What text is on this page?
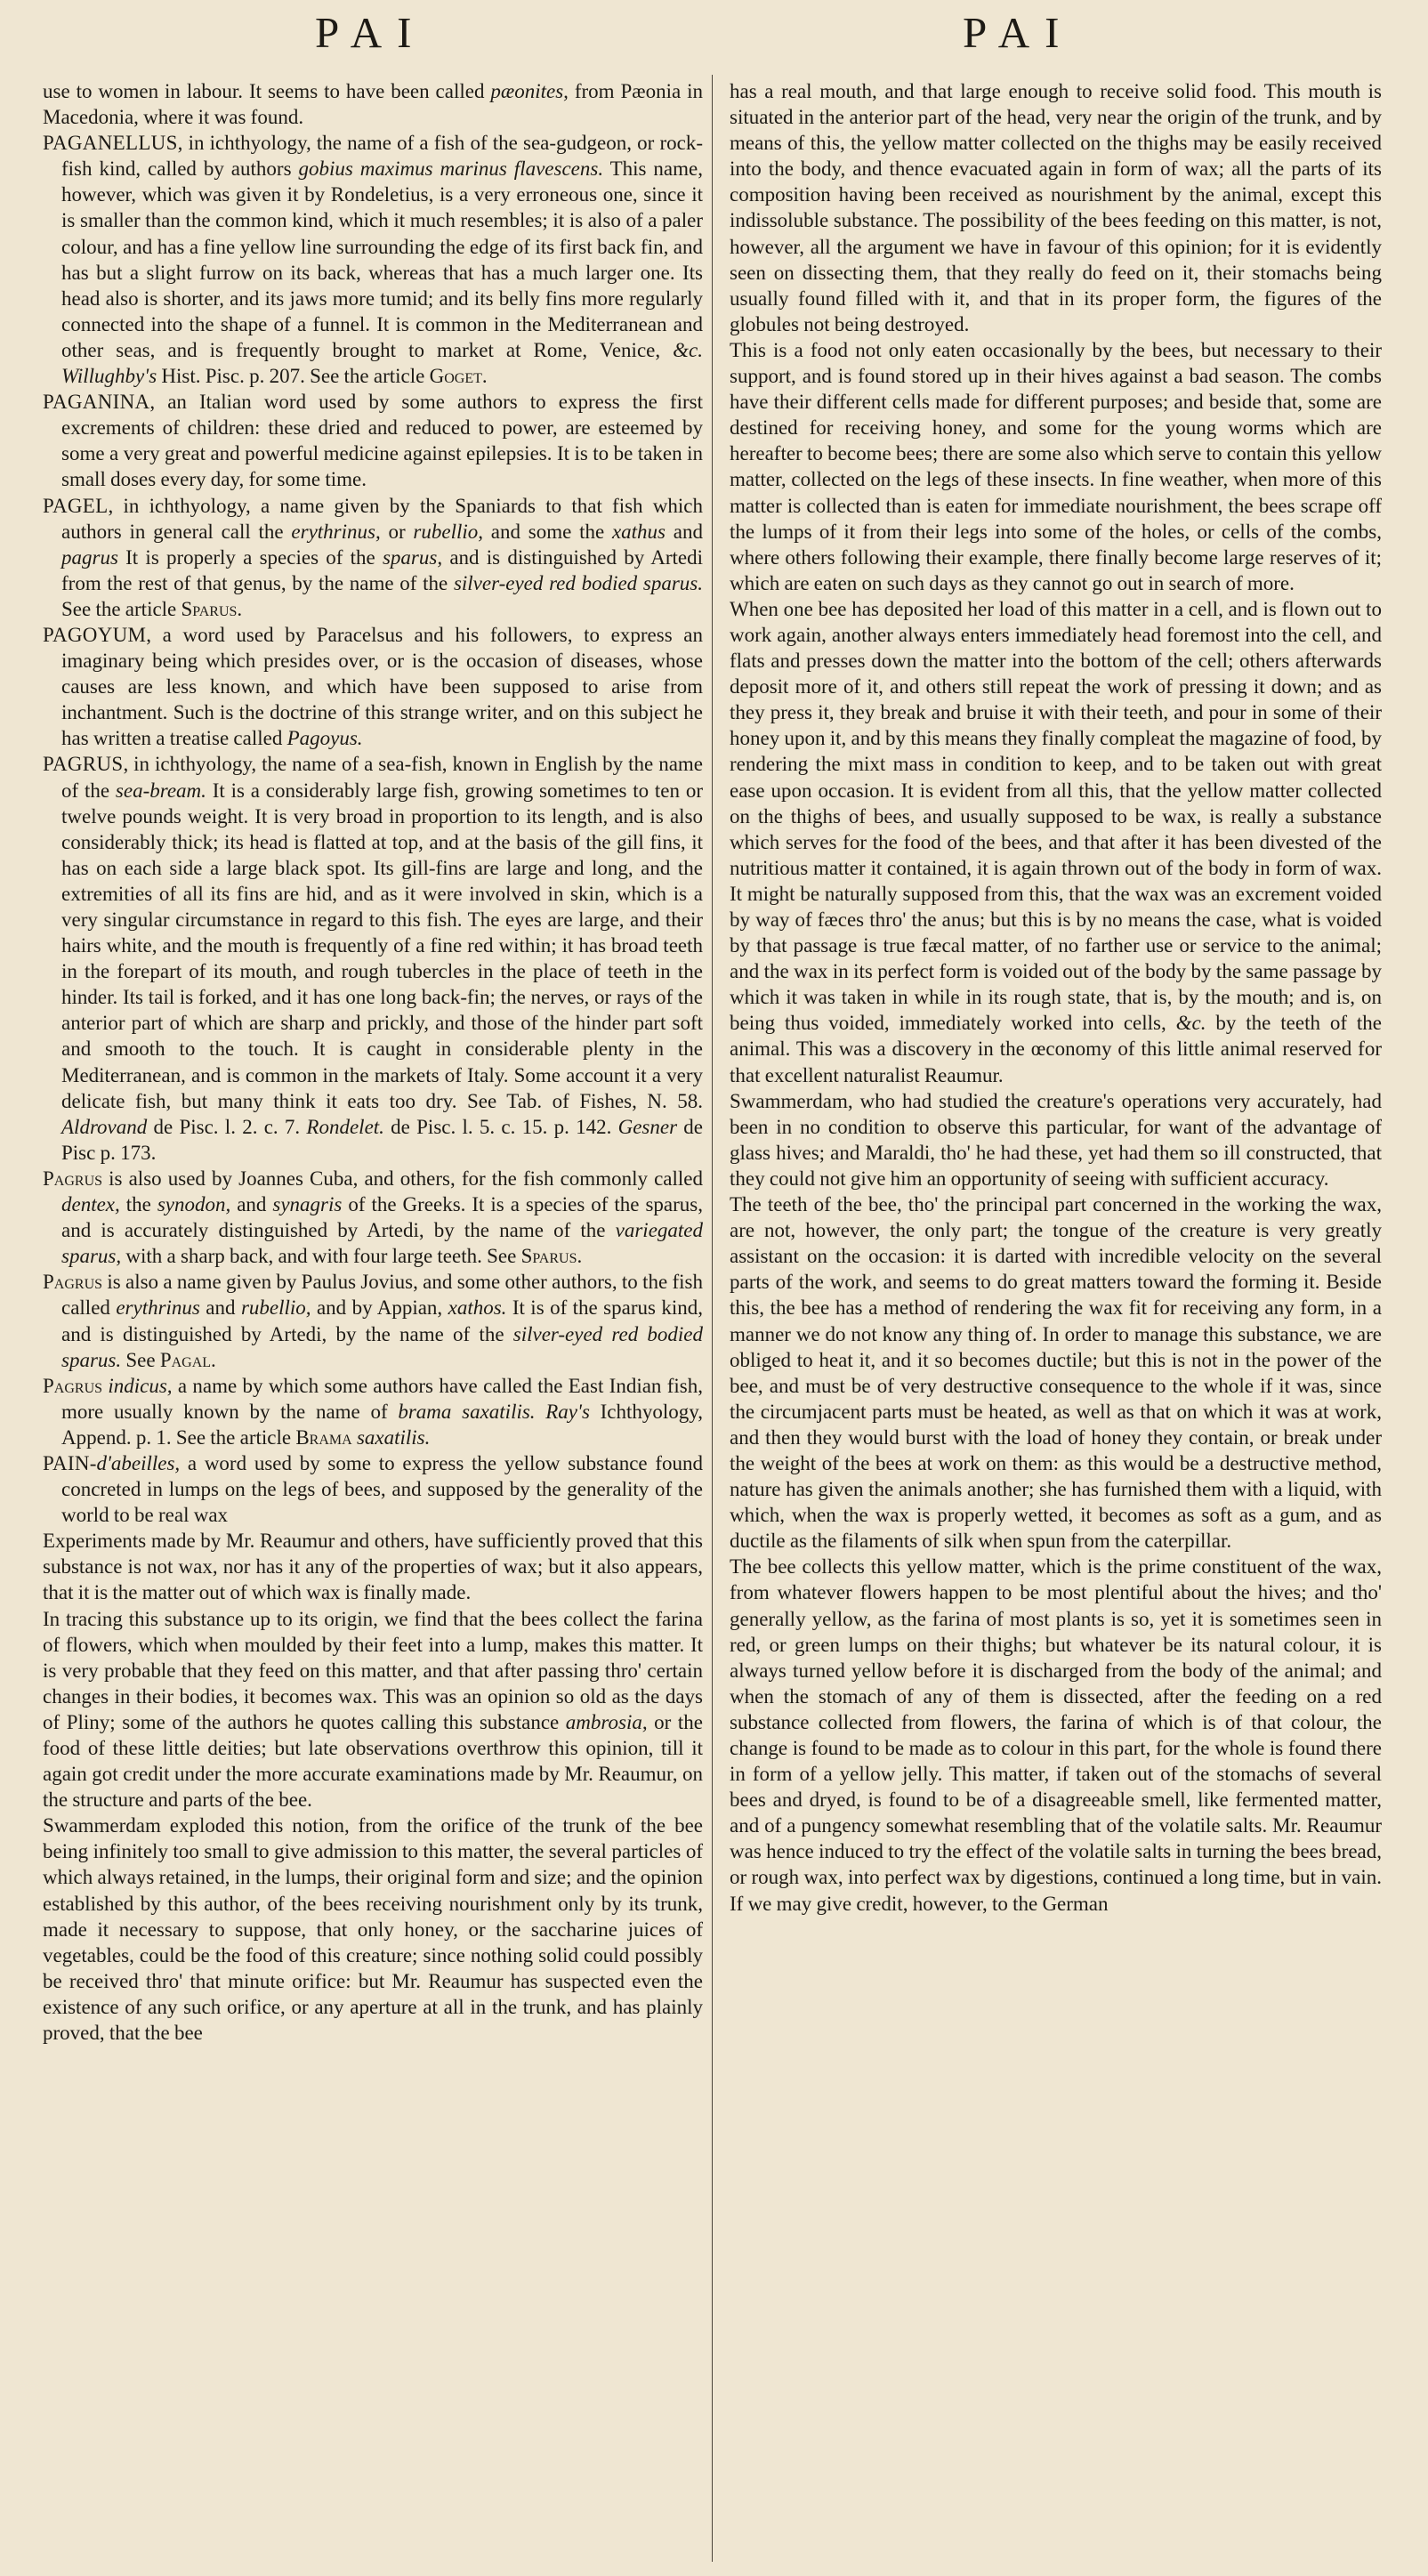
PAI	PAI

use to women in labour. It seems to have been called pæonites, from Pæonia in Macedonia, where it was found.

PAGANELLUS, in ichthyology, the name of a fish of the sea-gudgeon, or rock-fish kind, called by authors gobius maximus marinus flavescens. This name, however, which was given it by Rondeletius, is a very erroneous one, since it is smaller than the common kind, which it much resembles; it is also of a paler colour, and has a fine yellow line surrounding the edge of its first back fin, and has but a slight furrow on its back, whereas that has a much larger one. Its head also is shorter, and its jaws more tumid; and its belly fins more regularly connected into the shape of a funnel. It is common in the Mediterranean and other seas, and is frequently brought to market at Rome, Venice, &c. Willughby's Hist. Pisc. p. 207. See the article Goget.

PAGANINA, an Italian word used by some authors to express the first excrements of children: these dried and reduced to power, are esteemed by some a very great and powerful medicine against epilepsies. It is to be taken in small doses every day, for some time.

PAGEL, in ichthyology, a name given by the Spaniards to that fish which authors in general call the erythrinus, or rubellio, and some the xathus and pagrus It is properly a species of the sparus, and is distinguished by Artedi from the rest of that genus, by the name of the silver-eyed red bodied sparus. See the article Sparus.

PAGOYUM, a word used by Paracelsus and his followers, to express an imaginary being which presides over, or is the occasion of diseases, whose causes are less known, and which have been supposed to arise from inchantment. Such is the doctrine of this strange writer, and on this subject he has written a treatise called Pagoyus.

PAGRUS, in ichthyology, the name of a sea-fish, known in English by the name of the sea-bream. It is a considerably large fish, growing sometimes to ten or twelve pounds weight. It is very broad in proportion to its length, and is also considerably thick; its head is flatted at top, and at the basis of the gill fins, it has on each side a large black spot. Its gill-fins are large and long, and the extremities of all its fins are hid, and as it were involved in skin, which is a very singular circumstance in regard to this fish. The eyes are large, and their hairs white, and the mouth is frequently of a fine red within; it has broad teeth in the forepart of its mouth, and rough tubercles in the place of teeth in the hinder. Its tail is forked, and it has one long back-fin; the nerves, or rays of the anterior part of which are sharp and prickly, and those of the hinder part soft and smooth to the touch. It is caught in considerable plenty in the Mediterranean, and is common in the markets of Italy. Some account it a very delicate fish, but many think it eats too dry. See Tab. of Fishes, N. 58. Aldrovand de Pisc. l. 2. c. 7. Rondelet. de Pisc. l. 5. c. 15. p. 142. Gesner de Pisc p. 173.

Pagrus is also used by Joannes Cuba, and others, for the fish commonly called dentex, the synodon, and synagris of the Greeks. It is a species of the sparus, and is accurately distinguished by Artedi, by the name of the variegated sparus, with a sharp back, and with four large teeth. See Sparus.

Pagrus is also a name given by Paulus Jovius, and some other authors, to the fish called erythrinus and rubellio, and by Appian, xathos. It is of the sparus kind, and is distinguished by Artedi, by the name of the silver-eyed red bodied sparus. See Pagal.

Pagrus indicus, a name by which some authors have called the East Indian fish, more usually known by the name of brama saxatilis. Ray's Ichthyology, Append. p. 1. See the article Brama saxatilis.

PAIN-d'abeilles, a word used by some to express the yellow substance found concreted in lumps on the legs of bees, and supposed by the generality of the world to be real wax

Experiments made by Mr. Reaumur and others, have sufficiently proved that this substance is not wax, nor has it any of the properties of wax; but it also appears, that it is the matter out of which wax is finally made.

In tracing this substance up to its origin, we find that the bees collect the farina of flowers, which when moulded by their feet into a lump, makes this matter. It is very probable that they feed on this matter, and that after passing thro' certain changes in their bodies, it becomes wax. This was an opinion so old as the days of Pliny; some of the authors he quotes calling this substance ambrosia, or the food of these little deities; but late observations overthrow this opinion, till it again got credit under the more accurate examinations made by Mr. Reaumur, on the structure and parts of the bee.

Swammerdam exploded this notion, from the orifice of the trunk of the bee being infinitely too small to give admission to this matter, the several particles of which always retained, in the lumps, their original form and size; and the opinion established by this author, of the bees receiving nourishment only by its trunk, made it necessary to suppose, that only honey, or the saccharine juices of vegetables, could be the food of this creature; since nothing solid could possibly be received thro' that minute orifice: but Mr. Reaumur has suspected even the existence of any such orifice, or any aperture at all in the trunk, and has plainly proved, that the bee

has a real mouth, and that large enough to receive solid food. This mouth is situated in the anterior part of the head, very near the origin of the trunk, and by means of this, the yellow matter collected on the thighs may be easily received into the body, and thence evacuated again in form of wax; all the parts of its composition having been received as nourishment by the animal, except this indissoluble substance. The possibility of the bees feeding on this matter, is not, however, all the argument we have in favour of this opinion; for it is evidently seen on dissecting them, that they really do feed on it, their stomachs being usually found filled with it, and that in its proper form, the figures of the globules not being destroyed.

This is a food not only eaten occasionally by the bees, but necessary to their support, and is found stored up in their hives against a bad season. The combs have their different cells made for different purposes; and beside that, some are destined for receiving honey, and some for the young worms which are hereafter to become bees; there are some also which serve to contain this yellow matter, collected on the legs of these insects. In fine weather, when more of this matter is collected than is eaten for immediate nourishment, the bees scrape off the lumps of it from their legs into some of the holes, or cells of the combs, where others following their example, there finally become large reserves of it; which are eaten on such days as they cannot go out in search of more.

When one bee has deposited her load of this matter in a cell, and is flown out to work again, another always enters immediately head foremost into the cell, and flats and presses down the matter into the bottom of the cell; others afterwards deposit more of it, and others still repeat the work of pressing it down; and as they press it, they break and bruise it with their teeth, and pour in some of their honey upon it, and by this means they finally compleat the magazine of food, by rendering the mixt mass in condition to keep, and to be taken out with great ease upon occasion. It is evident from all this, that the yellow matter collected on the thighs of bees, and usually supposed to be wax, is really a substance which serves for the food of the bees, and that after it has been divested of the nutritious matter it contained, it is again thrown out of the body in form of wax. It might be naturally supposed from this, that the wax was an excrement voided by way of fæces thro' the anus; but this is by no means the case, what is voided by that passage is true fæcal matter, of no farther use or service to the animal; and the wax in its perfect form is voided out of the body by the same passage by which it was taken in while in its rough state, that is, by the mouth; and is, on being thus voided, immediately worked into cells, &c. by the teeth of the animal. This was a discovery in the œconomy of this little animal reserved for that excellent naturalist Reaumur.

Swammerdam, who had studied the creature's operations very accurately, had been in no condition to observe this particular, for want of the advantage of glass hives; and Maraldi, tho' he had these, yet had them so ill constructed, that they could not give him an opportunity of seeing with sufficient accuracy.

The teeth of the bee, tho' the principal part concerned in the working the wax, are not, however, the only part; the tongue of the creature is very greatly assistant on the occasion: it is darted with incredible velocity on the several parts of the work, and seems to do great matters toward the forming it. Beside this, the bee has a method of rendering the wax fit for receiving any form, in a manner we do not know any thing of. In order to manage this substance, we are obliged to heat it, and it so becomes ductile; but this is not in the power of the bee, and must be of very destructive consequence to the whole if it was, since the circumjacent parts must be heated, as well as that on which it was at work, and then they would burst with the load of honey they contain, or break under the weight of the bees at work on them: as this would be a destructive method, nature has given the animals another; she has furnished them with a liquid, with which, when the wax is properly wetted, it becomes as soft as a gum, and as ductile as the filaments of silk when spun from the caterpillar.

The bee collects this yellow matter, which is the prime constituent of the wax, from whatever flowers happen to be most plentiful about the hives; and tho' generally yellow, as the farina of most plants is so, yet it is sometimes seen in red, or green lumps on their thighs; but whatever be its natural colour, it is always turned yellow before it is discharged from the body of the animal; and when the stomach of any of them is dissected, after the feeding on a red substance collected from flowers, the farina of which is of that colour, the change is found to be made as to colour in this part, for the whole is found there in form of a yellow jelly. This matter, if taken out of the stomachs of several bees and dryed, is found to be of a disagreeable smell, like fermented matter, and of a pungency somewhat resembling that of the volatile salts. Mr. Reaumur was hence induced to try the effect of the volatile salts in turning the bees bread, or rough wax, into perfect wax by digestions, continued a long time, but in vain. If we may give credit, however, to the German
